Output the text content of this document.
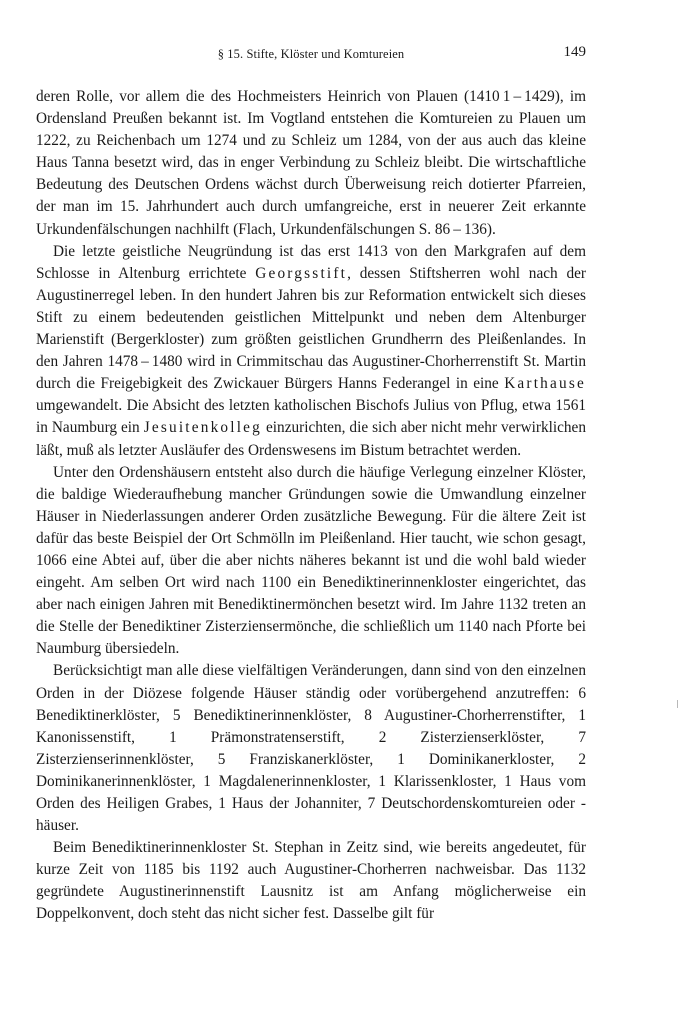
§ 15. Stifte, Klöster und Komtureien	149

deren Rolle, vor allem die des Hochmeisters Heinrich von Plauen (1410 1 – 1429), im Ordensland Preußen bekannt ist. Im Vogtland entstehen die Komtureien zu Plauen um 1222, zu Reichenbach um 1274 und zu Schleiz um 1284, von der aus auch das kleine Haus Tanna besetzt wird, das in enger Verbindung zu Schleiz bleibt. Die wirtschaftliche Bedeutung des Deutschen Ordens wächst durch Überweisung reich dotierter Pfarreien, der man im 15. Jahrhundert auch durch umfangreiche, erst in neuerer Zeit erkannte Urkundenfälschungen nachhilft (Flach, Urkundenfälschungen S. 86 – 136).

Die letzte geistliche Neugründung ist das erst 1413 von den Markgrafen auf dem Schlosse in Altenburg errichtete Georgsstift, dessen Stiftsherren wohl nach der Augustinerregel leben. In den hundert Jahren bis zur Reformation entwickelt sich dieses Stift zu einem bedeutenden geistlichen Mittelpunkt und neben dem Altenburger Marienstift (Bergerkloster) zum größten geistlichen Grundherrn des Pleißenlandes. In den Jahren 1478 – 1480 wird in Crimmitschau das Augustiner-Chorherrenstift St. Martin durch die Freigebigkeit des Zwickauer Bürgers Hanns Federangel in eine Karthause umgewandelt. Die Absicht des letzten katholischen Bischofs Julius von Pflug, etwa 1561 in Naumburg ein Jesuitenkolleg einzurichten, die sich aber nicht mehr verwirklichen läßt, muß als letzter Ausläufer des Ordenswesens im Bistum betrachtet werden.

Unter den Ordenshäusern entsteht also durch die häufige Verlegung einzelner Klöster, die baldige Wiederaufhebung mancher Gründungen sowie die Umwandlung einzelner Häuser in Niederlassungen anderer Orden zusätzliche Bewegung. Für die ältere Zeit ist dafür das beste Beispiel der Ort Schmölln im Pleißenland. Hier taucht, wie schon gesagt, 1066 eine Abtei auf, über die aber nichts näheres bekannt ist und die wohl bald wieder eingeht. Am selben Ort wird nach 1100 ein Benediktinerinnenkloster eingerichtet, das aber nach einigen Jahren mit Benediktinermönchen besetzt wird. Im Jahre 1132 treten an die Stelle der Benediktiner Zisterziensermönche, die schließlich um 1140 nach Pforte bei Naumburg übersiedeln.

Berücksichtigt man alle diese vielfältigen Veränderungen, dann sind von den einzelnen Orden in der Diözese folgende Häuser ständig oder vorübergehend anzutreffen: 6 Benediktinerklöster, 5 Benediktinerinnenklöster, 8 Augustiner-Chorherrenstifter, 1 Kanonissenstift, 1 Prämonstratenserstift, 2 Zisterzienserklöster, 7 Zisterzienserinnenklöster, 5 Franziskanerklöster, 1 Dominikanerkloster, 2 Dominikanerinnenklöster, 1 Magdalenerinnenkloster, 1 Klarissenkloster, 1 Haus vom Orden des Heiligen Grabes, 1 Haus der Johanniter, 7 Deutschordenskomtureien oder -häuser.

Beim Benediktinerinnenkloster St. Stephan in Zeitz sind, wie bereits angedeutet, für kurze Zeit von 1185 bis 1192 auch Augustiner-Chorherren nachweisbar. Das 1132 gegründete Augustinerinnenstift Lausnitz ist am Anfang möglicherweise ein Doppelkonvent, doch steht das nicht sicher fest. Dasselbe gilt für
